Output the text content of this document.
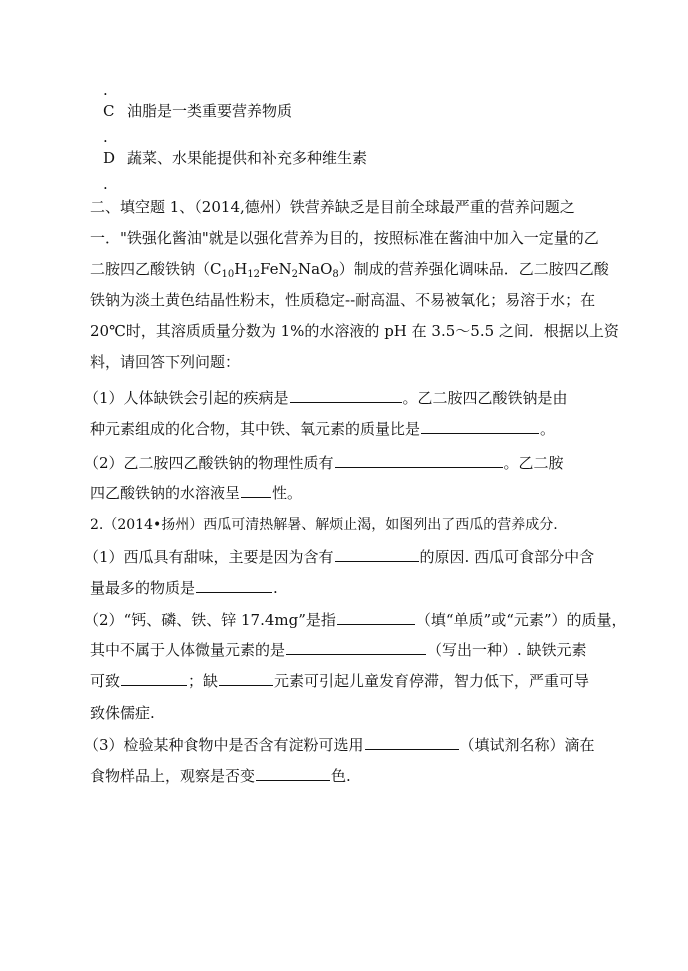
.
C 油脂是一类重要营养物质
.
D 蔬菜、水果能提供和补充多种维生素
.
二、填空题 1、（2014,德州）铁营养缺乏是目前全球最严重的营养问题之
一．"铁强化酱油"就是以强化营养为目的，按照标准在酱油中加入一定量的乙
二胺四乙酸铁钠$(C_{10}H_{12}FeN_2NaO_8)$制成的营养强化调味品．乙二胺四乙酸
铁钠为淡土黄色结晶性粉末，性质稳定--耐高温、不易被氧化；易溶于水；在
20℃时，其溶质质量分数为 1%的水溶液的 pH 在 3.5～5.5 之间．根据以上资
料，请回答下列问题：
（1）人体缺铁会引起的疾病是	。乙二胺四乙酸铁钠是由
种元素组成的化合物，其中铁、氧元素的质量比是	。
（2）乙二胺四乙酸铁钠的物理性质有	。乙二胺
四乙酸铁钠的水溶液呈 性。
2.（2014•扬州）西瓜可清热解暑、解烦止渴，如图列出了西瓜的营养成分.
（1）西瓜具有甜味，主要是因为含有	的原因. 西瓜可食部分中含
量最多的物质是	.
（2）“钙、磷、铁、锌 17.4mg”是指	（填“单质”或“元素”）的质量，
其中不属于人体微量元素的是	（写出一种）. 缺铁元素
可致	；缺	元素可引起儿童发育停滞，智力低下，严重可导
致侏儒症.
（3）检验某种食物中是否含有淀粉可选用	（填试剂名称）滴在
食物样品上，观察是否变	色.
